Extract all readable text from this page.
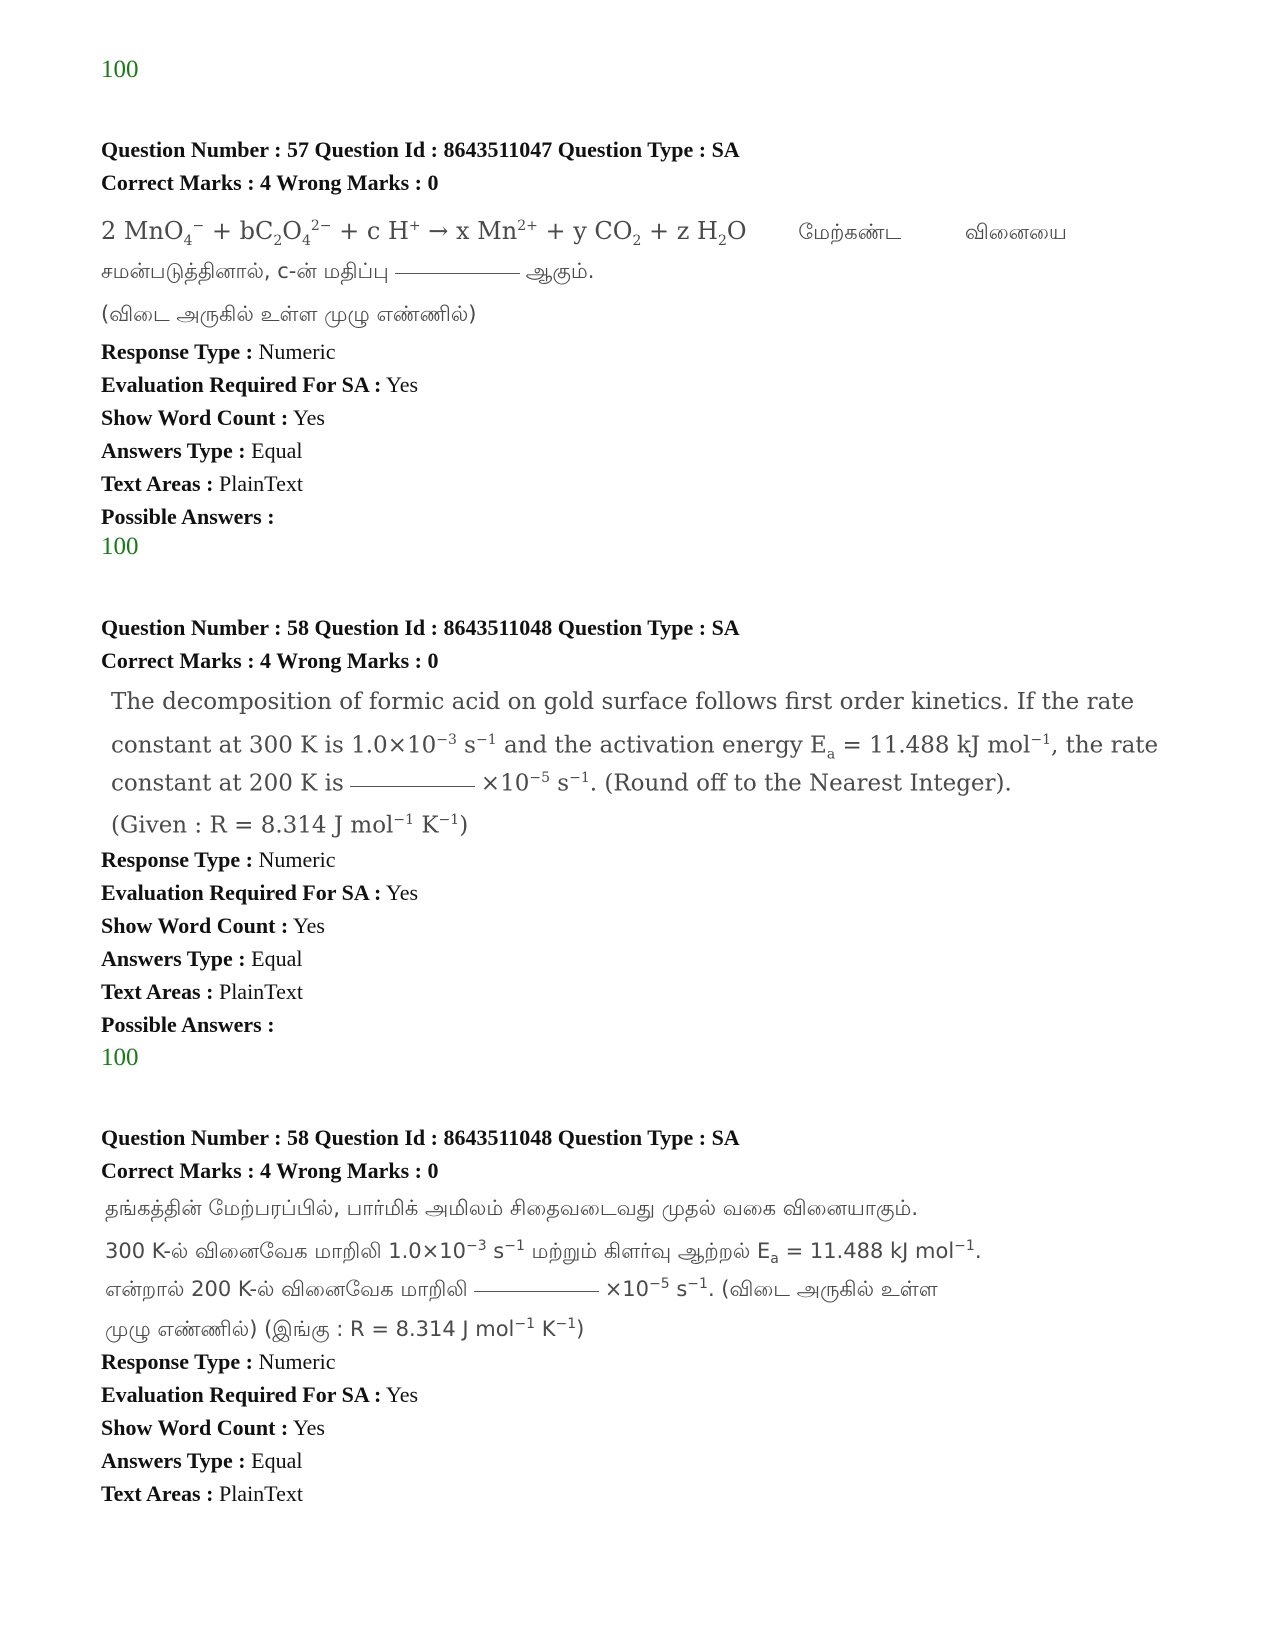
100
Question Number : 57 Question Id : 8643511047 Question Type : SA
Correct Marks : 4 Wrong Marks : 0
2 $MnO_4^- + bC_2O_4^{2-} + c$ H+ → x $Mn^{2+} + y$ $CO_2 + z$ $H_2O$ மேற்கண்ட	வினையை
சமன்படுத்தினால், c-ன் மதிப்பு	ஆகும்.
(விடை அருகில் உள்ள முழு எண்ணில்)
Response Type : Numeric
Evaluation Required For SA : Yes
Show Word Count : Yes
Answers Type : Equal
Text Areas : PlainText
Possible Answers :
100
Question Number : 58 Question Id : 8643511048 Question Type : SA
Correct Marks : 4 Wrong Marks : 0
The decomposition of formic acid on gold surface follows first order kinetics. If the rate
constant at 300 K is $1.0\times 10^{-3}$ $s^{-1}$ and the activation energy $E_a = 11.488$ kJ mol$^{-1}$, the rate
constant at 200 K is	$\times 10^{-5}$ $s^{-1}$. (Round off to the Nearest Integer).
(Given : R = 8.314 J mol$^{-1}$ $K^{-1}$)
Response Type : Numeric
Evaluation Required For SA : Yes
Show Word Count : Yes
Answers Type : Equal
Text Areas : PlainText
Possible Answers :
100
Question Number : 58 Question Id : 8643511048 Question Type : SA
Correct Marks : 4 Wrong Marks : 0
தங்கத்தின் மேற்பரப்பில், பார்மிக் அமிலம் சிதைவடைவது முதல் வகை வினையாகும்.
300 K-ல் வினைவேக மாறிலி $1.0\times 10^{-3}$ $s^{-1}$ மற்றும் கிளர்வு ஆற்றல் $E_a = 11.488$ kJ mol$^{-1}$.
என்றால் 200 K-ல் வினைவேக மாறிலி	$\times 10^{-5}$ $s^{-1}$. (விடை அருகில் உள்ள
முழு எண்ணில்) (இங்கு : R = 8.314 J mol$^{-1}$ $K^{-1}$)
Response Type : Numeric
Evaluation Required For SA : Yes
Show Word Count : Yes
Answers Type : Equal
Text Areas : PlainText
